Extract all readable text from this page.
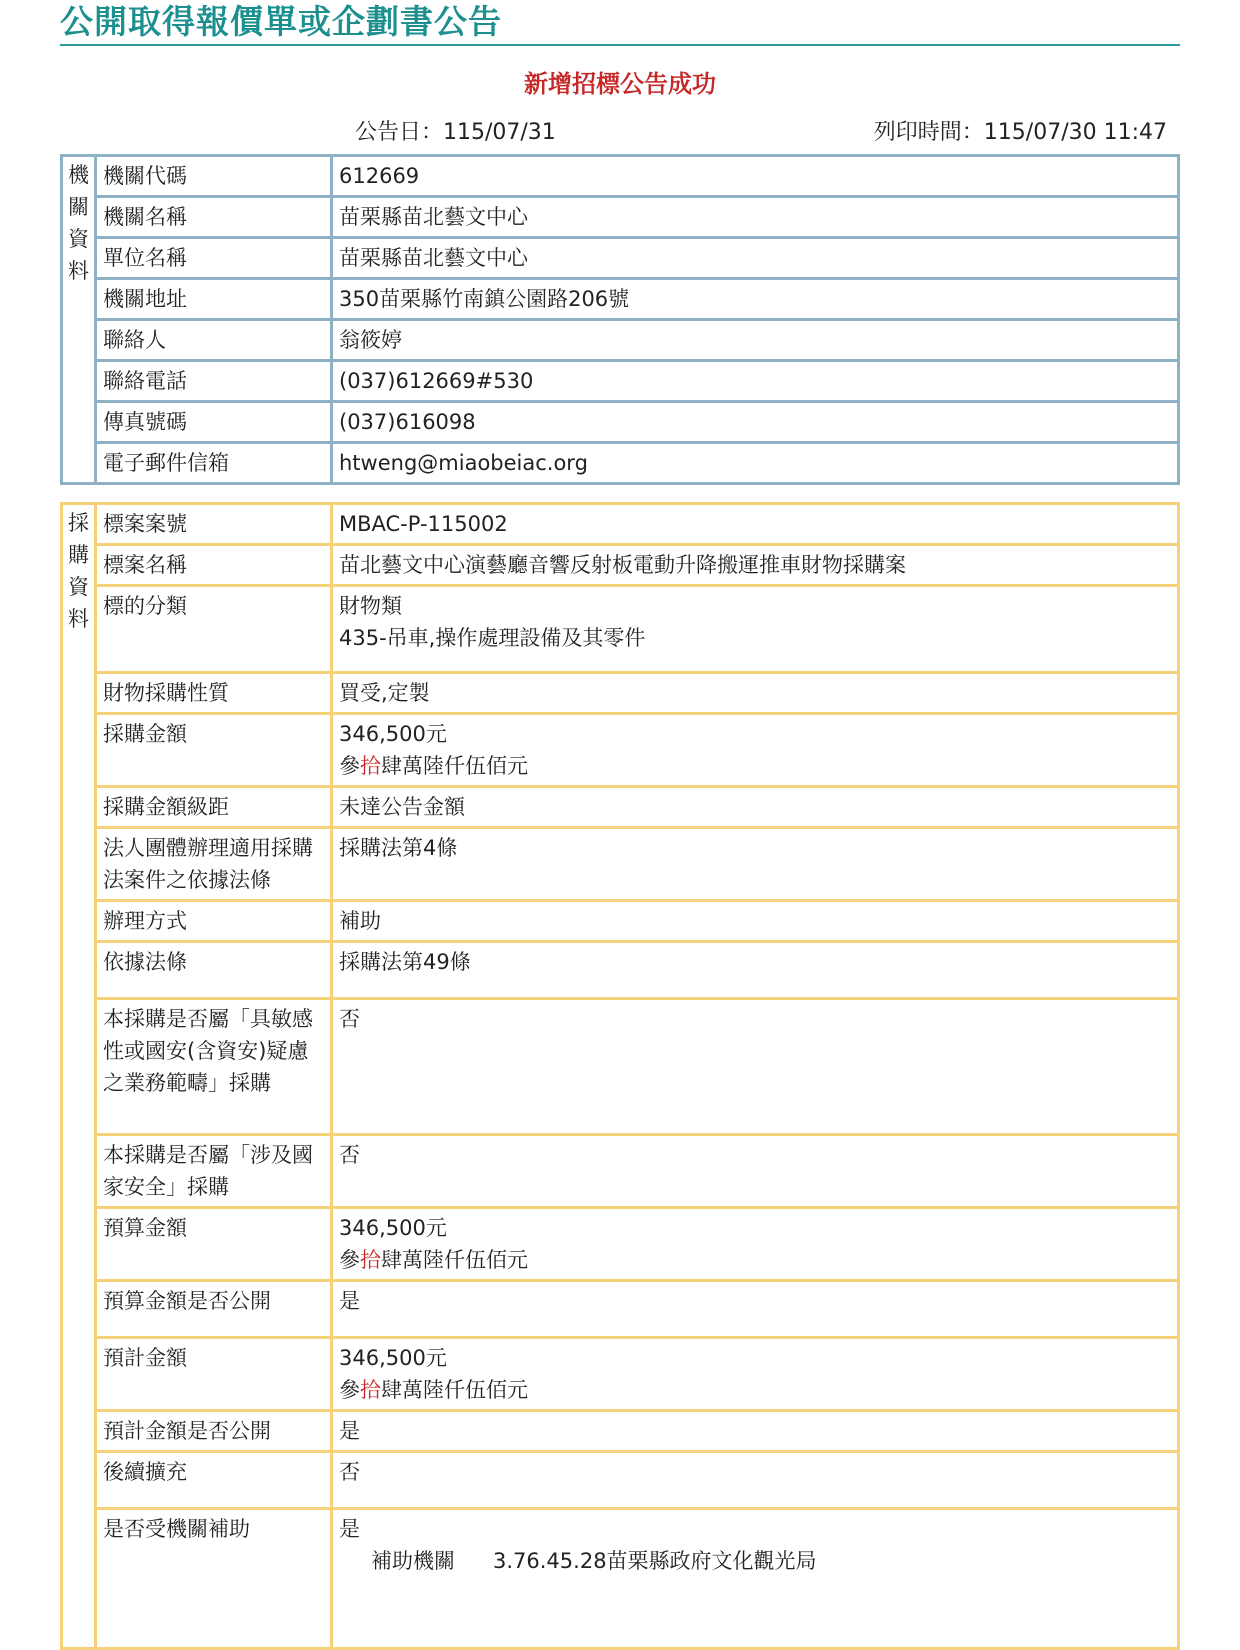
公開取得報價單或企劃書公告
新增招標公告成功
公告日：115/07/31	列印時間：115/07/30 11:47
機關資料	機關代碼	612669
	機關名稱	苗栗縣苗北藝文中心
	單位名稱	苗栗縣苗北藝文中心
	機關地址	350苗栗縣竹南鎮公園路206號
	聯絡人	翁筱婷
	聯絡電話	(037)612669#530
	傳真號碼	(037)616098
	電子郵件信箱	htweng@miaobeiac.org
採購資料	標案案號	MBAC-P-115002
	標案名稱	苗北藝文中心演藝廳音響反射板電動升降搬運推車財物採購案
	標的分類	財物類
435-吊車,操作處理設備及其零件

	財物採購性質	買受,定製
	採購金額	346,500元
參拾肆萬陸仟伍佰元

	採購金額級距	未達公告金額
	法人團體辦理適用採購法案件之依據法條	採購法第4條
	辦理方式	補助
	依據法條	採購法第49條
	本採購是否屬「具敏感性或國安(含資安)疑慮之業務範疇」採購	否
	本採購是否屬「涉及國家安全」採購	否
	預算金額	346,500元
參拾肆萬陸仟伍佰元

	預算金額是否公開	是
	預計金額	346,500元
參拾肆萬陸仟伍佰元

	預計金額是否公開	是
	後續擴充	否
	是否受機關補助	是
補助機關 3.76.45.28苗栗縣政府文化觀光局
